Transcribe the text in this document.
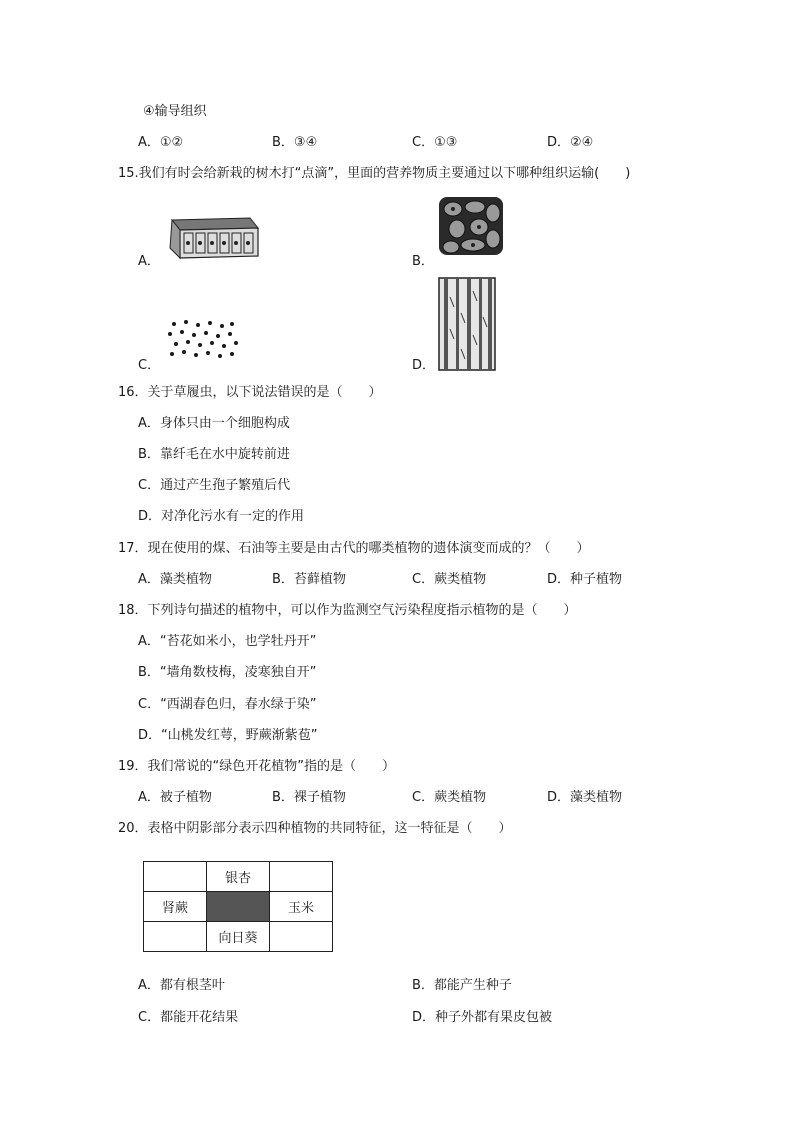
④输导组织
A．①②	B．③④	C．①③	D．②④
15.我们有时会给新栽的树木打“点滴”，里面的营养物质主要通过以下哪种组织运输(　　)
A．	B．
C．	D．
16．关于草履虫，以下说法错误的是（　　）
A．身体只由一个细胞构成
B．靠纤毛在水中旋转前进
C．通过产生孢子繁殖后代
D．对净化污水有一定的作用
17．现在使用的煤、石油等主要是由古代的哪类植物的遗体演变而成的？（　　）
A．藻类植物	B．苔藓植物	C．蕨类植物	D．种子植物
18．下列诗句描述的植物中，可以作为监测空气污染程度指示植物的是（　　）
A．“苔花如米小，也学牡丹开”
B．“墙角数枝梅，凌寒独自开”
C．“西湖春色归，春水绿于染”
D．“山桃发红萼，野蕨渐紫苞”
19．我们常说的“绿色开花植物”指的是（　　）
A．被子植物	B．裸子植物	C．蕨类植物	D．藻类植物
20．表格中阴影部分表示四种植物的共同特征，这一特征是（　　）
	银杏	
肾蕨		玉米
	向日葵	
A．都有根茎叶	B．都能产生种子
C．都能开花结果	D．种子外都有果皮包被
